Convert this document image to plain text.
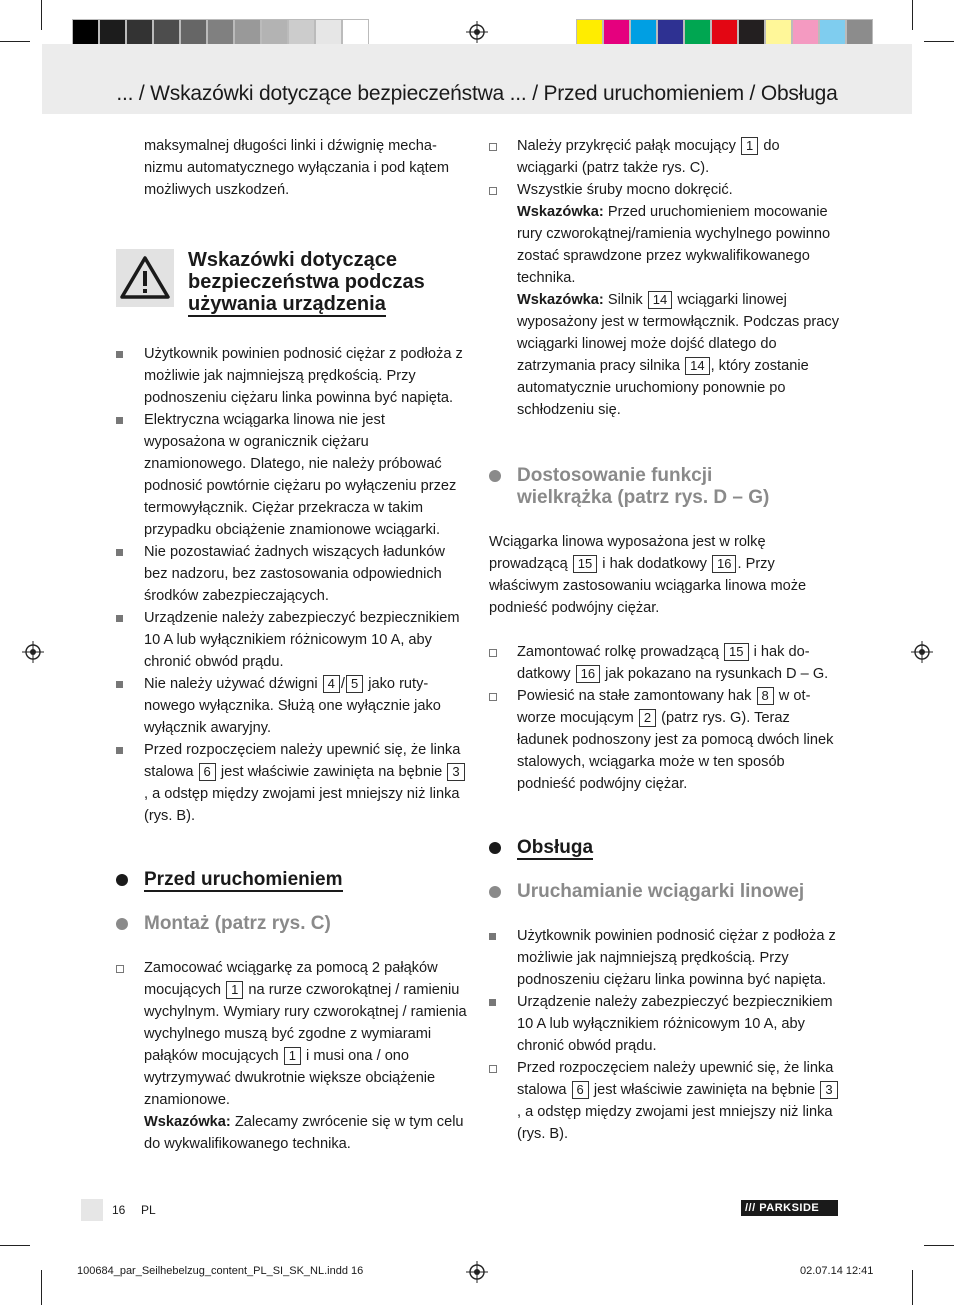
... / Wskazówki dotyczące bezpieczeństwa ... / Przed uruchomieniem / Obsługa

maksymalnej długości linki i dźwignię mechanizmu automatycznego wyłączania i pod kątem możliwych uszkodzeń.

Wskazówki dotyczące
bezpieczeństwa podczas
używania urządzenia
Użytkownik powinien podnosić ciężar z podłoża z możliwie jak najmniejszą prędkością. Przy podnoszeniu ciężaru linka powinna być napięta.
Elektryczna wciągarka linowa nie jest wyposażona w ogranicznik ciężaru znamionowego. Dlatego, nie należy próbować podnosić powtórnie ciężaru po wyłączeniu przez termowyłącznik. Ciężar przekracza w takim przypadku obciążenie znamionowe wciągarki.
Nie pozostawiać żadnych wiszących ładunków bez nadzoru, bez zastosowania odpowiednich środków zabezpieczających.
Urządzenie należy zabezpieczyć bezpiecznikiem 10 A lub wyłącznikiem różnicowym 10 A, aby chronić obwód prądu.
Nie należy używać dźwigni 4 / 5 jako rutynowego wyłącznika. Służą one wyłącznie jako wyłącznik awaryjny.
Przed rozpoczęciem należy upewnić się, że linka stalowa 6 jest właściwie zawinięta na bębnie 3, a odstęp między zwojami jest mniejszy niż linka (rys. B).
Przed uruchomieniem
Montaż (patrz rys. C)
Zamocować wciągarkę za pomocą 2 pałąków mocujących 1 na rurze czworokątnej / ramieniu wychylnym. Wymiary rury czworokątnej / ramienia wychylnego muszą być zgodne z wymiarami pałąków mocujących 1 i musi ona / ono wytrzymywać dwukrotnie większe obciążenie znamionowe.
Wskazówka: Zalecamy zwrócenie się w tym celu do wykwalifikowanego technika.
Należy przykręcić pałąk mocujący 1 do wciągarki (patrz także rys. C).
Wszystkie śruby mocno dokręcić.
Wskazówka: Przed uruchomieniem mocowanie rury czworokątnej/ramienia wychylnego powinno zostać sprawdzone przez wykwalifikowanego technika.
Wskazówka: Silnik 14 wciągarki linowej wyposażony jest w termowłącznik. Podczas pracy wciągarki linowej może dojść dlatego do zatrzymania pracy silnika 14 , który zostanie automatycznie uruchomiony ponownie po schłodzeniu się.
Dostosowanie funkcji
wielkrążka (patrz rys. D – G)

Wciągarka linowa wyposażona jest w rolkę prowadzącą 15 i hak dodatkowy 16 . Przy właściwym zastosowaniu wciągarka linowa może podnieść podwójny ciężar.

Zamontować rolkę prowadzącą 15 i hak dodatkowy 16 jak pokazano na rysunkach D – G.
Powiesić na stałe zamontowany hak 8 w otworze mocującym 2 (patrz rys. G). Teraz ładunek podnoszony jest za pomocą dwóch linek stalowych, wciągarka może w ten sposób podnieść podwójny ciężar.
Obsługa
Uruchamianie wciągarki linowej
Użytkownik powinien podnosić ciężar z podłoża z możliwie jak najmniejszą prędkością. Przy podnoszeniu ciężaru linka powinna być napięta.
Urządzenie należy zabezpieczyć bezpiecznikiem 10 A lub wyłącznikiem różnicowym 10 A, aby chronić obwód prądu.
Przed rozpoczęciem należy upewnić się, że linka stalowa 6 jest właściwie zawinięta na bębnie 3, a odstęp między zwojami jest mniejszy niż linka (rys. B).
16 PL	/// PARKSIDE
100684_par_Seilhebelzug_content_PL_SI_SK_NL.indd 16	02.07.14 12:41
